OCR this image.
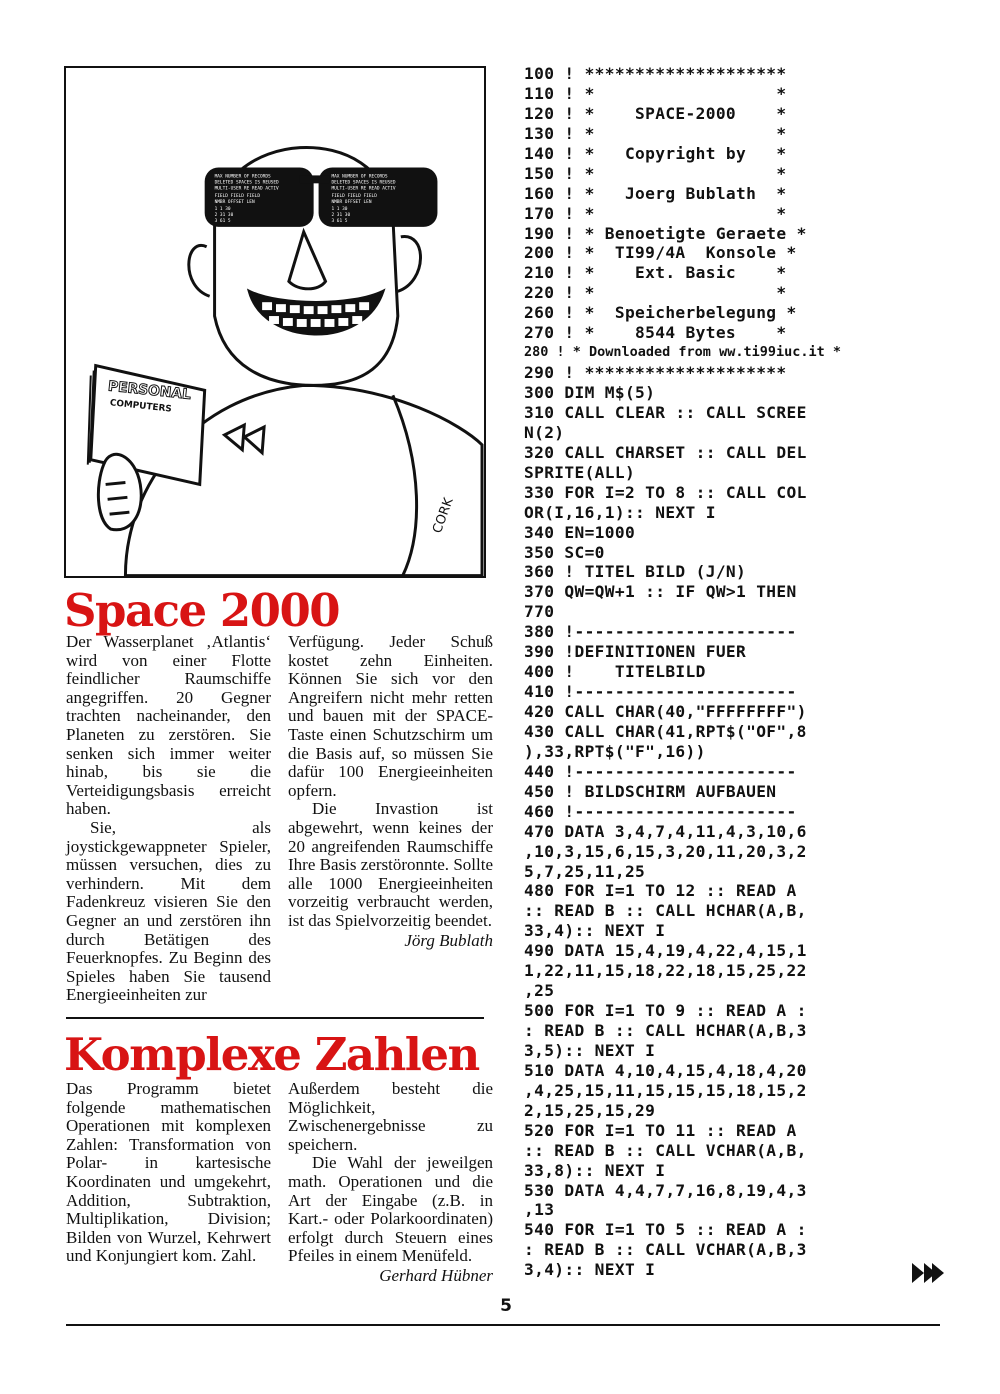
MAX NUMBER OF RECORDS
DELETED SPACES IS REUSED
MULTI-USER RE READ ACTIV
FIELD FIELD FIELD
NMBR OFFSET LEN
1 1 30
2 31 30
3 61 5
MAX NUMBER OF RECORDS
DELETED SPACES IS REUSED
MULTI-USER RE READ ACTIV
FIELD FIELD FIELD
NMBR OFFSET LEN
1 1 30
2 31 30
3 61 5
PERSONAL
COMPUTERS
CORK
Space 2000

Der Wasserplanet ‚Atlantis‘ wird von einer Flotte feindlicher Raumschiffe angegriffen. 20 Gegner trachten nacheinander, den Planeten zu zerstören. Sie senken sich immer weiter hinab, bis sie die Verteidigungsbasis erreicht haben.

Sie, als joystickgewappneter Spieler, müssen versuchen, dies zu verhindern. Mit dem Fadenkreuz visieren Sie den Gegner an und zerstören ihn durch Betätigen des Feuerknopfes. Zu Beginn des Spieles haben Sie tausend Energieeinheiten zur

Verfügung. Jeder Schuß kostet zehn Einheiten. Können Sie sich vor den Angreifern nicht mehr retten und bauen mit der SPACE-Taste einen Schutzschirm um die Basis auf, so müssen Sie dafür 100 Energieeinheiten opfern.

Die Invastion ist abgewehrt, wenn keines der 20 angreifenden Raumschiffe Ihre Basis zerstöronnte. Sollte alle 1000 Energieeinheiten vorzeitig verbraucht werden, ist das Spielvorzeitig beendet.

Jörg Bublath
Komplexe Zahlen

Das Programm bietet folgende mathematischen Operationen mit komplexen Zahlen: Transformation von Polar- in kartesische Koordinaten und umgekehrt, Addition, Subtraktion, Multiplikation, Division; Bilden von Wurzel, Kehrwert und Konjungiert kom. Zahl.

Außerdem besteht die Möglichkeit, Zwischenergebnisse zu speichern.

Die Wahl der jeweilgen math. Operationen und die Art der Eingabe (z.B. in Kart.- oder Polarkoordinaten) erfolgt durch Steuern eines Pfeiles in einem Menüfeld.

Gerhard Hübner
100 ! ********************
110 ! *                  *
120 ! *    SPACE-2000    *
130 ! *                  *
140 ! *   Copyright by   *
150 ! *                  *
160 ! *   Joerg Bublath  *
170 ! *                  *
190 ! * Benoetigte Geraete *
200 ! *  TI99/4A  Konsole *
210 ! *    Ext. Basic    *
220 ! *                  *
260 ! *  Speicherbelegung *
270 ! *    8544 Bytes    *
280 ! * Downloaded from ww.ti99iuc.it *
290 ! ********************
300 DIM M$(5)
310 CALL CLEAR :: CALL SCREE
N(2)
320 CALL CHARSET :: CALL DEL
SPRITE(ALL)
330 FOR I=2 TO 8 :: CALL COL
OR(I,16,1):: NEXT I
340 EN=1000
350 SC=0
360 ! TITEL BILD (J/N)
370 QW=QW+1 :: IF QW>1 THEN
770
380 !----------------------
390 !DEFINITIONEN FUER
400 !    TITELBILD
410 !----------------------
420 CALL CHAR(40,"FFFFFFFF")
430 CALL CHAR(41,RPT$("OF",8
),33,RPT$("F",16))
440 !----------------------
450 ! BILDSCHIRM AUFBAUEN
460 !----------------------
470 DATA 3,4,7,4,11,4,3,10,6
,10,3,15,6,15,3,20,11,20,3,2
5,7,25,11,25
480 FOR I=1 TO 12 :: READ A
:: READ B :: CALL HCHAR(A,B,
33,4):: NEXT I
490 DATA 15,4,19,4,22,4,15,1
1,22,11,15,18,22,18,15,25,22
,25
500 FOR I=1 TO 9 :: READ A :
: READ B :: CALL HCHAR(A,B,3
3,5):: NEXT I
510 DATA 4,10,4,15,4,18,4,20
,4,25,15,11,15,15,15,18,15,2
2,15,25,15,29
520 FOR I=1 TO 11 :: READ A
:: READ B :: CALL VCHAR(A,B,
33,8):: NEXT I
530 DATA 4,4,7,7,16,8,19,4,3
,13
540 FOR I=1 TO 5 :: READ A :
: READ B :: CALL VCHAR(A,B,3
3,4):: NEXT I
5
